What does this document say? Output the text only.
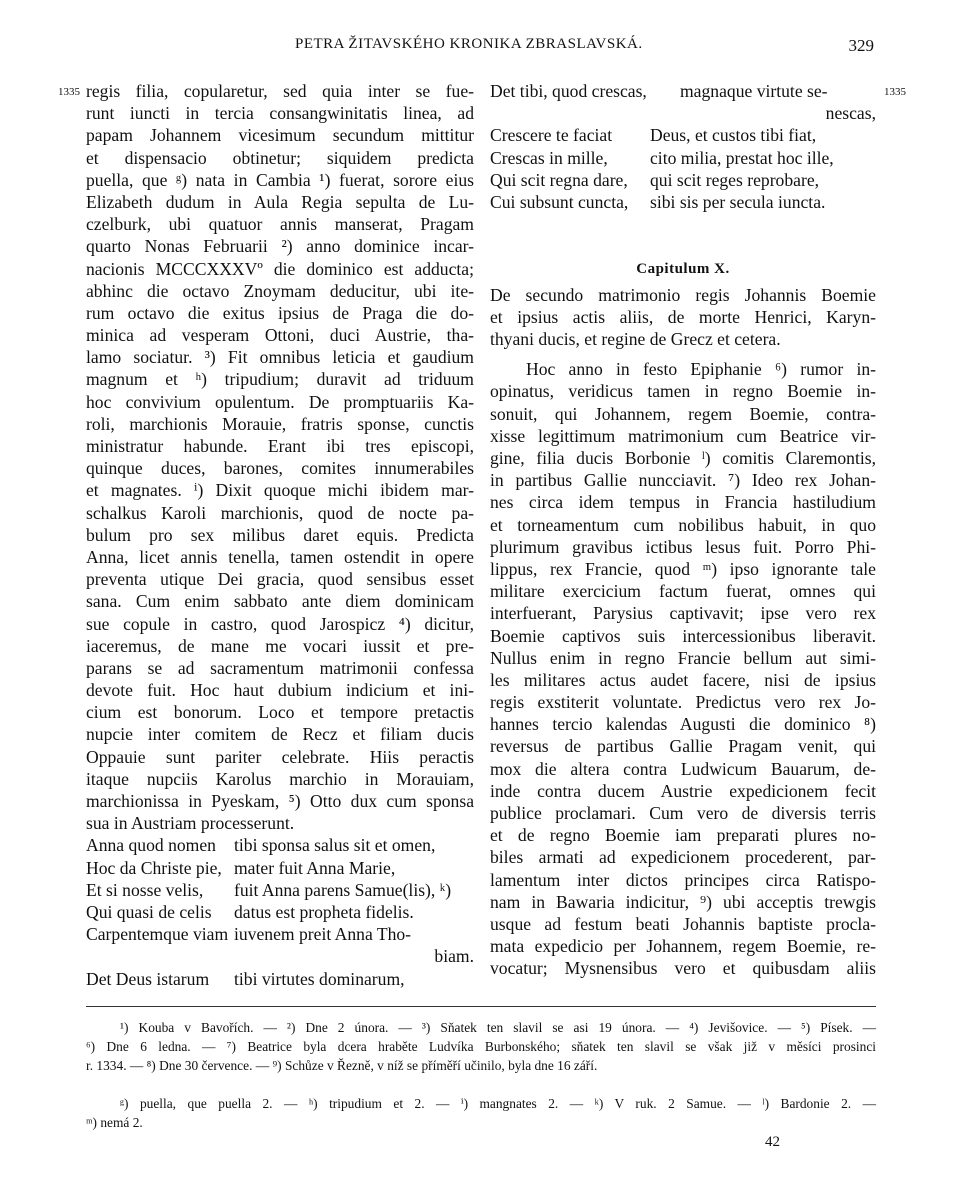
PETRA ŽITAVSKÉHO KRONIKA ZBRASLAVSKÁ.	329
1335	1335
regis filia, copularetur, sed quia inter se fue-
runt iuncti in tercia consangwinitatis linea, ad
papam Johannem vicesimum secundum mittitur
et dispensacio obtinetur; siquidem predicta
puella, que ᵍ) nata in Cambia ¹) fuerat, sorore eius
Elizabeth dudum in Aula Regia sepulta de Lu-
czelburk, ubi quatuor annis manserat, Pragam
quarto Nonas Februarii ²) anno dominice incar-
nacionis MCCCXXXVº die dominico est adducta;
abhinc die octavo Znoymam deducitur, ubi ite-
rum octavo die exitus ipsius de Praga die do-
minica ad vesperam Ottoni, duci Austrie, tha-
lamo sociatur. ³) Fit omnibus leticia et gaudium
magnum et ʰ) tripudium; duravit ad triduum
hoc convivium opulentum. De promptuariis Ka-
roli, marchionis Morauie, fratris sponse, cunctis
ministratur habunde. Erant ibi tres episcopi,
quinque duces, barones, comites innumerabiles
et magnates. ⁱ) Dixit quoque michi ibidem mar-
schalkus Karoli marchionis, quod de nocte pa-
bulum pro sex milibus daret equis. Predicta
Anna, licet annis tenella, tamen ostendit in opere
preventa utique Dei gracia, quod sensibus esset
sana. Cum enim sabbato ante diem dominicam
sue copule in castro, quod Jarospicz ⁴) dicitur,
iaceremus, de mane me vocari iussit et pre-
parans se ad sacramentum matrimonii confessa
devote fuit. Hoc haut dubium indicium et ini-
cium est bonorum. Loco et tempore pretactis
nupcie inter comitem de Recz et filiam ducis
Oppauie sunt pariter celebrate. Hiis peractis
itaque nupciis Karolus marchio in Morauiam,
marchionissa in Pyeskam, ⁵) Otto dux cum sponsa
sua in Austriam processerunt.
Anna quod nomen tibi sponsa salus sit et omen,
Hoc da Christe pie, mater fuit Anna Marie,
Et si nosse velis, fuit Anna parens Samue(lis), ᵏ)
Qui quasi de celis datus est propheta fidelis.
Carpentemque viam iuvenem preit Anna Tho-
biam.
Det Deus istarum tibi virtutes dominarum,
Det tibi, quod crescas, magnaque virtute se-
nescas,
Crescere te faciat Deus, et custos tibi fiat,
Crescas in mille, cito milia, prestat hoc ille,
Qui scit regna dare, qui scit reges reprobare,
Cui subsunt cuncta, sibi sis per secula iuncta.
Capitulum X.
De secundo matrimonio regis Johannis Boemie
et ipsius actis aliis, de morte Henrici, Karyn-
thyani ducis, et regine de Grecz et cetera.
Hoc anno in festo Epiphanie ⁶) rumor in-
opinatus, veridicus tamen in regno Boemie in-
sonuit, qui Johannem, regem Boemie, contra-
xisse legittimum matrimonium cum Beatrice vir-
gine, filia ducis Borbonie ˡ) comitis Claremontis,
in partibus Gallie nuncciavit. ⁷) Ideo rex Johan-
nes circa idem tempus in Francia hastiludium
et torneamentum cum nobilibus habuit, in quo
plurimum gravibus ictibus lesus fuit. Porro Phi-
lippus, rex Francie, quod ᵐ) ipso ignorante tale
militare exercicium factum fuerat, omnes qui
interfuerant, Parysius captivavit; ipse vero rex
Boemie captivos suis intercessionibus liberavit.
Nullus enim in regno Francie bellum aut simi-
les militares actus audet facere, nisi de ipsius
regis exstiterit voluntate. Predictus vero rex Jo-
hannes tercio kalendas Augusti die dominico ⁸)
reversus de partibus Gallie Pragam venit, qui
mox die altera contra Ludwicum Bauarum, de-
inde contra ducem Austrie expedicionem fecit
publice proclamari. Cum vero de diversis terris
et de regno Boemie iam preparati plures no-
biles armati ad expedicionem procederent, par-
lamentum inter dictos principes circa Ratispo-
nam in Bawaria indicitur, ⁹) ubi acceptis trewgis
usque ad festum beati Johannis baptiste procla-
mata expedicio per Johannem, regem Boemie, re-
vocatur; Mysnensibus vero et quibusdam aliis
¹) Kouba v Bavořích. — ²) Dne 2 února. — ³) Sňatek ten slavil se asi 19 února. — ⁴) Jevišovice. — ⁵) Písek. —
⁶) Dne 6 ledna. — ⁷) Beatrice byla dcera hraběte Ludvíka Burbonského; sňatek ten slavil se však již v měsíci prosinci
r. 1334. — ⁸) Dne 30 července. — ⁹) Schůze v Řezně, v níž se příměří učinilo, byla dne 16 září.
ᵍ) puella, que puella 2. — ʰ) tripudium et 2. — ⁱ) mangnates 2. — ᵏ) V ruk. 2 Samue. — ˡ) Bardonie 2. —
ᵐ) nemá 2.
42
